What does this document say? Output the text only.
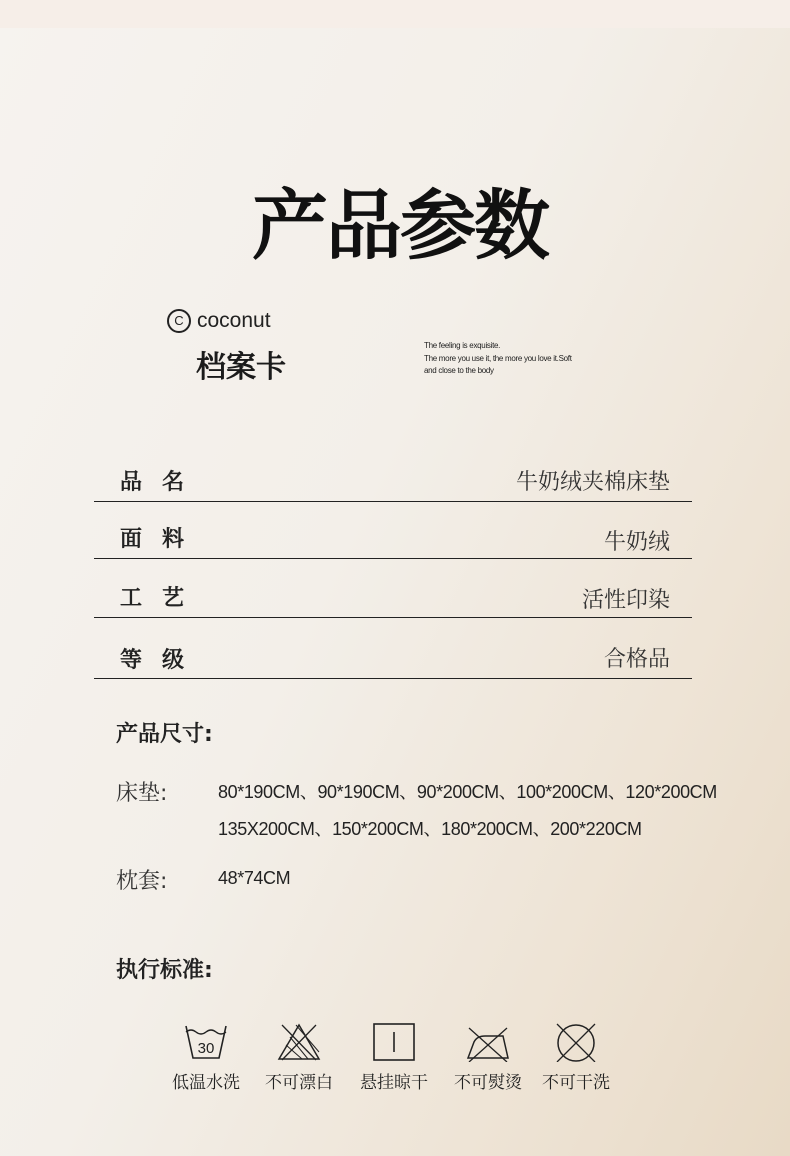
产品参数
C coconut
档案卡
The feeling is exquisite.
The more you use it, the more you love it.Soft
and close to the body
品名	牛奶绒夹棉床垫
面料	牛奶绒
工艺	活性印染
等级	合格品
产品尺寸:
床垫:	80*190CM、90*190CM、90*200CM、100*200CM、120*200CM
135X200CM、150*200CM、180*200CM、200*220CM
枕套:	48*74CM
执行标准:
30
低温水洗	不可漂白	悬挂晾干	不可熨烫	不可干洗
